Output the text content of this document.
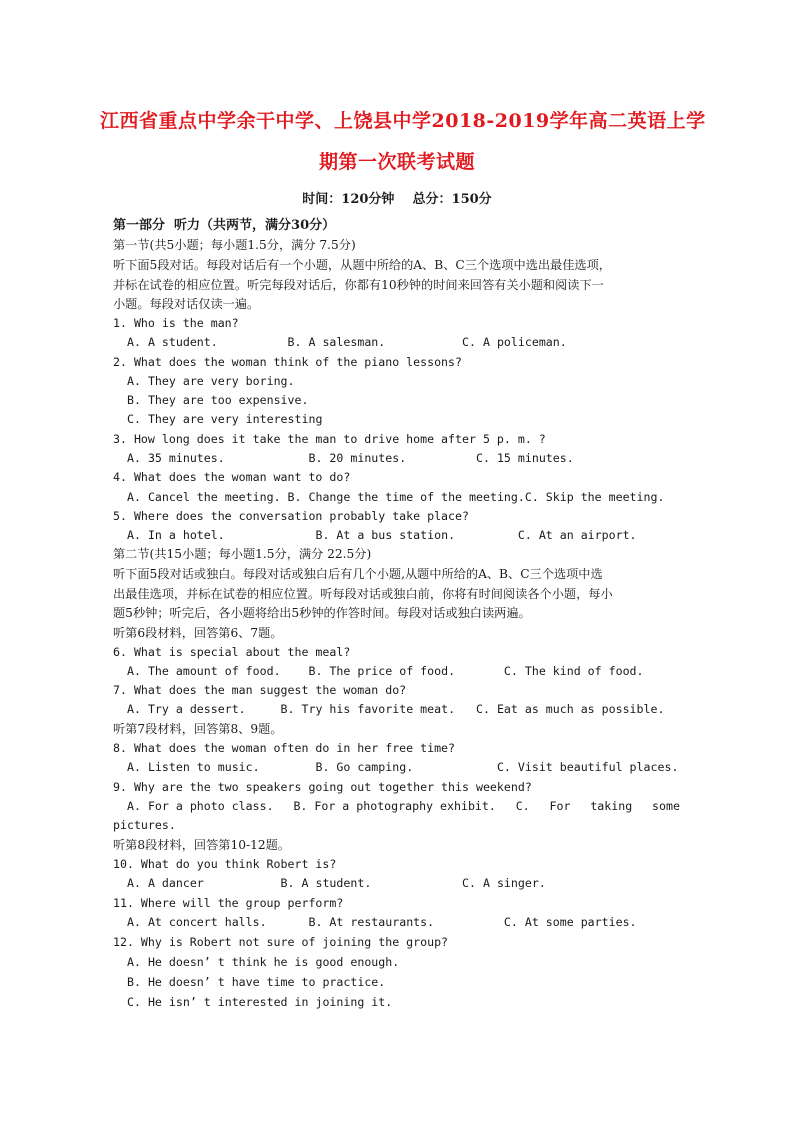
江西省重点中学余干中学、上饶县中学2018-2019学年高二英语上学
期第一次联考试题
时间：120分钟    总分：150分
第一部分  听力（共两节，满分30分）
第一节(共5小题；每小题1.5分，满分 7.5分)
听下面5段对话。每段对话后有一个小题，从题中所给的A、B、C三个选项中选出最佳选项，
并标在试卷的相应位置。听完每段对话后，你都有10秒钟的时间来回答有关小题和阅读下一
小题。每段对话仅读一遍。
1. Who is the man?
A. A student.          B. A salesman.           C. A policeman.
2. What does the woman think of the piano lessons?
A. They are very boring.
B. They are too expensive.
C. They are very interesting
3. How long does it take the man to drive home after 5 p. m. ?
A. 35 minutes.            B. 20 minutes.          C. 15 minutes.
4. What does the woman want to do?
A. Cancel the meeting. B. Change the time of the meeting.C. Skip the meeting.
5. Where does the conversation probably take place?
A. In a hotel.             B. At a bus station.         C. At an airport.
第二节(共15小题；每小题1.5分，满分 22.5分)
听下面5段对话或独白。每段对话或独白后有几个小题,从题中所给的A、B、C三个选项中选
出最佳选项，并标在试卷的相应位置。听每段对话或独白前，你将有时间阅读各个小题，每小
题5秒钟；听完后，各小题将给出5秒钟的作答时间。每段对话或独白读两遍。
听第6段材料，回答第6、7题。
6. What is special about the meal?
A. The amount of food.    B. The price of food.       C. The kind of food.
7. What does the man suggest the woman do?
A. Try a dessert.     B. Try his favorite meat.   C. Eat as much as possible.
听第7段材料，回答第8、9题。
8. What does the woman often do in her free time?
A. Listen to music.        B. Go camping.            C. Visit beautiful places.
9. Why are the two speakers going out together this weekend?
A. For a photo class. B. For a photography exhibit. C. For taking some
pictures.
听第8段材料，回答第10-12题。
10. What do you think Robert is?
A. A dancer           B. A student.             C. A singer.
11. Where will the group perform?
A. At concert halls.      B. At restaurants.          C. At some parties.
12. Why is Robert not sure of joining the group?
A. He doesn’ t think he is good enough.
B. He doesn’ t have time to practice.
C. He isn’ t interested in joining it.
